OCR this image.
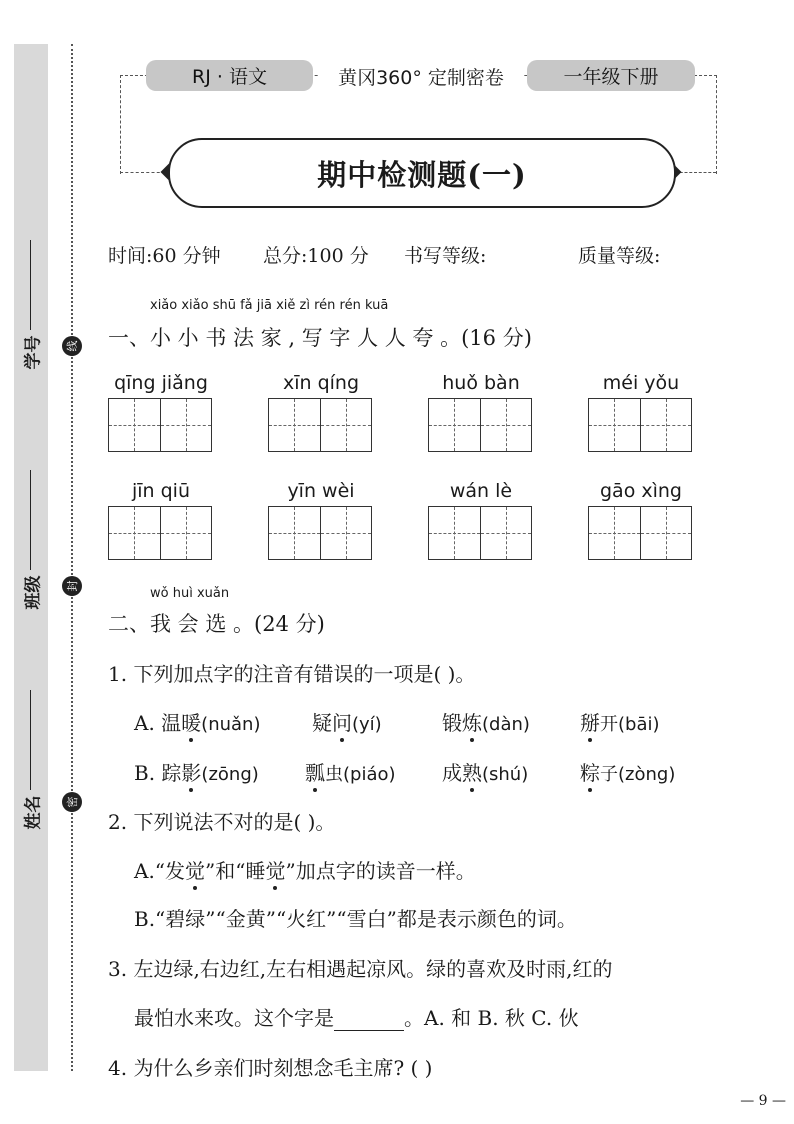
学号
班级
姓名
线
封
密
RJ · 语文	黄冈360° 定制密卷	一年级下册
期中检测题(一)
时间:60 分钟 总分:100 分 书写等级:	质量等级:
xiǎo xiǎo shū fǎ jiā xiě zì rén rén kuā
一、小 小 书 法 家 , 写 字 人 人 夸 。(16 分)
qīng jiǎng	xīn qíng	huǒ bàn	méi yǒu
jīn qiū	yīn wèi	wán lè	gāo xìng
wǒ huì xuǎn
二、我 会 选 。(24 分)
1. 下列加点字的注音有错误的一项是( )。
A. 温暖(nuǎn)	疑问(yí)	锻炼(dàn)	掰开(bāi)
B. 踪影(zōng) 瓢虫(piáo) 成熟(shú)	粽子(zòng)
2. 下列说法不对的是( )。
A.“发觉”和“睡觉”加点字的读音一样。
B.“碧绿”“金黄”“火红”“雪白”都是表示颜色的词。
3. 左边绿,右边红,左右相遇起凉风。绿的喜欢及时雨,红的
最怕水来攻。这个字是	。A. 和 B. 秋 C. 伙
4. 为什么乡亲们时刻想念毛主席? ( )
— 9 —
